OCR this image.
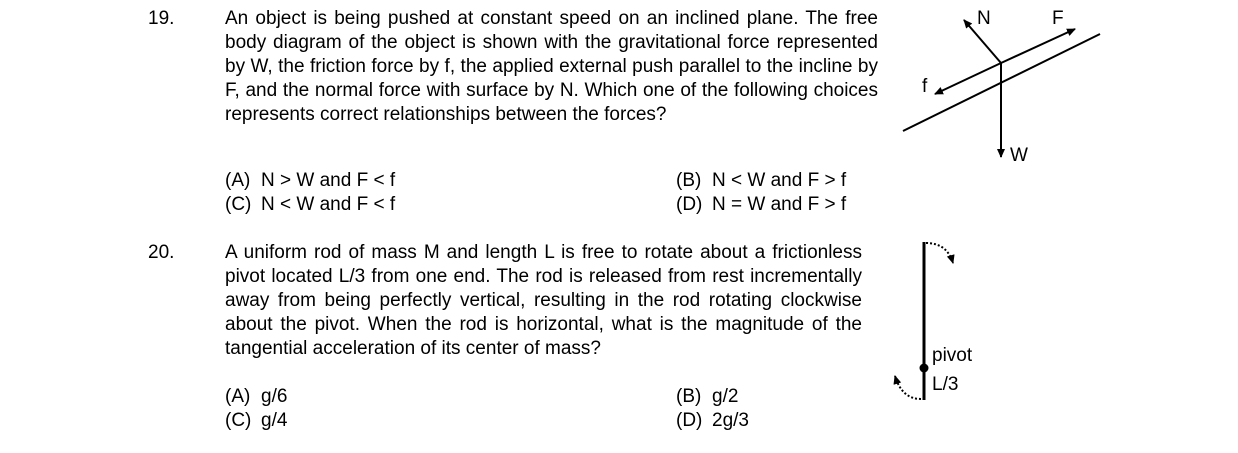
19.	An object is being pushed at constant speed on an inclined plane. The free body diagram of the object is shown with the gravitational force represented by W, the friction force by f, the applied external push parallel to the incline by F, and the normal force with surface by N. Which one of the following choices represents correct relationships between the forces?

(A) N > W and F < f	(B) N < W and F > f
(C) N < W and F < f	(D) N = W and F > f
N	F
f
W
20.	A uniform rod of mass M and length L is free to rotate about a frictionless pivot located L/3 from one end. The rod is released from rest incrementally away from being perfectly vertical, resulting in the rod rotating clockwise about the pivot. When the rod is horizontal, what is the magnitude of the tangential acceleration of its center of mass?

(A) g/6	(B) g/2
(C) g/4	(D) 2g/3
pivot
L/3
